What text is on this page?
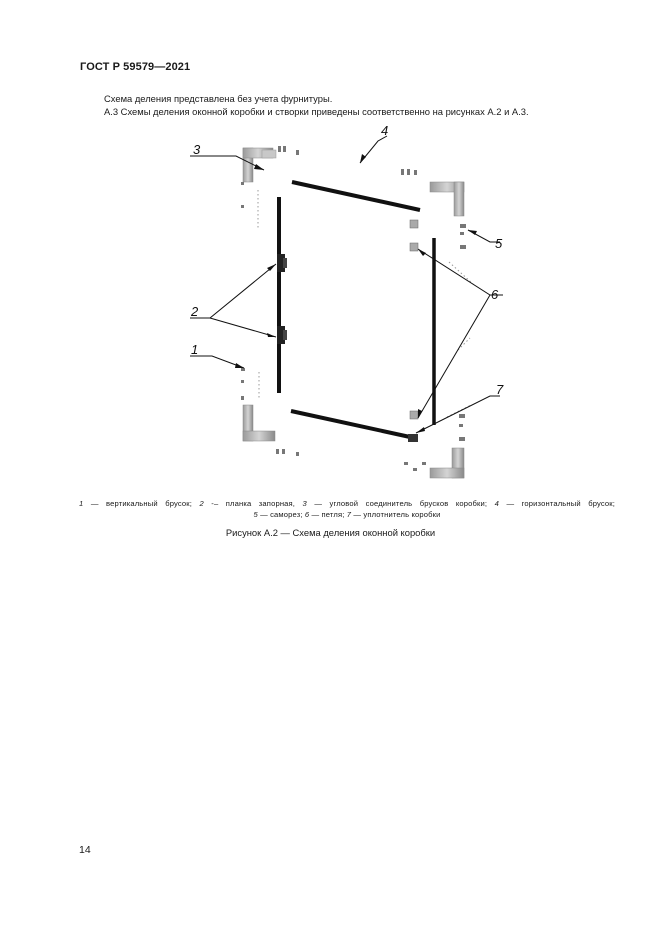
ГОСТ Р 59579—2021
Схема деления представлена без учета фурнитуры.
А.3 Схемы деления оконной коробки и створки приведены соответственно на рисунках А.2 и А.3.
3
4
5
2
6
1
7
1 — вертикальный брусок; 2 -– планка запорная, 3 — угловой соединитель брусков коробки; 4 — горизонтальный брусок;
5 — саморез; 6 — петля; 7 — уплотнитель коробки
Рисунок А.2 — Схема деления оконной коробки
14
